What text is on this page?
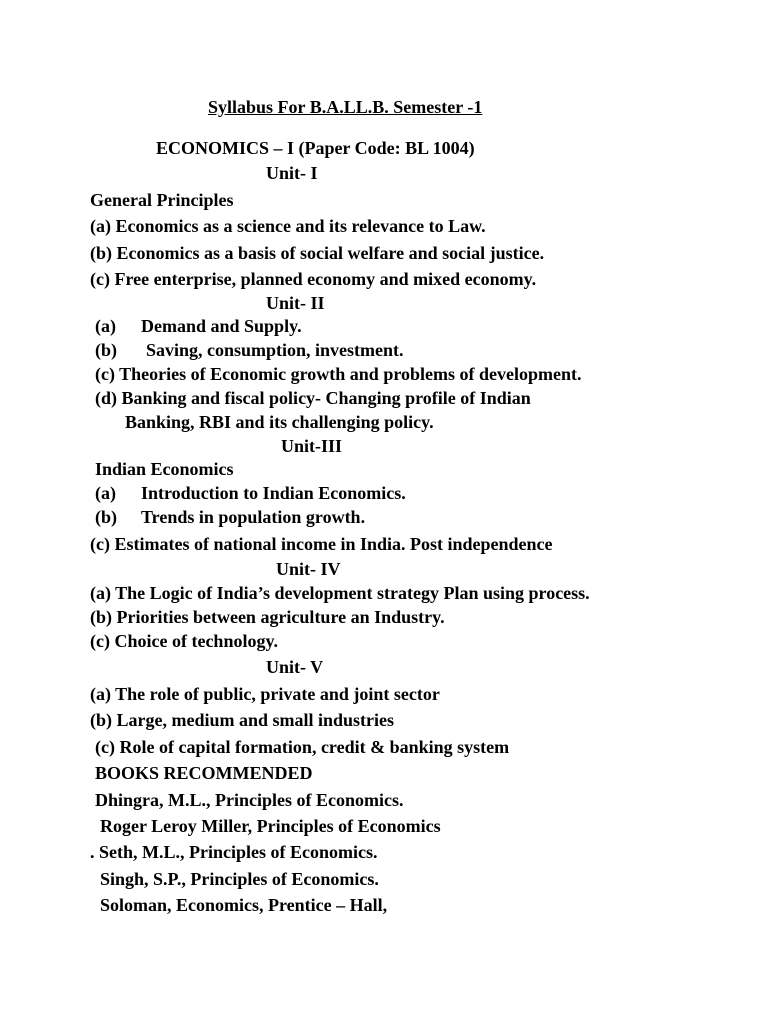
Syllabus For B.A.LL.B. Semester -1
ECONOMICS – I (Paper Code: BL 1004)
Unit- I
General Principles
(a) Economics as a science and its relevance to Law.
(b) Economics as a basis of social welfare and social justice.
(c) Free enterprise, planned economy and mixed economy.
Unit- II
(a) Demand and Supply.
(b) Saving, consumption, investment.
(c) Theories of Economic growth and problems of development.
(d) Banking and fiscal policy- Changing profile of Indian
Banking, RBI and its challenging policy.
Unit-III
Indian Economics
(a) Introduction to Indian Economics.
(b) Trends in population growth.
(c) Estimates of national income in India. Post independence
Unit- IV
(a) The Logic of India’s development strategy Plan using process.
(b) Priorities between agriculture an Industry.
(c) Choice of technology.
Unit- V
(a) The role of public, private and joint sector
(b) Large, medium and small industries
(c) Role of capital formation, credit & banking system
BOOKS RECOMMENDED
Dhingra, M.L., Principles of Economics.
Roger Leroy Miller, Principles of Economics
. Seth, M.L., Principles of Economics.
Singh, S.P., Principles of Economics.
Soloman, Economics, Prentice – Hall,
